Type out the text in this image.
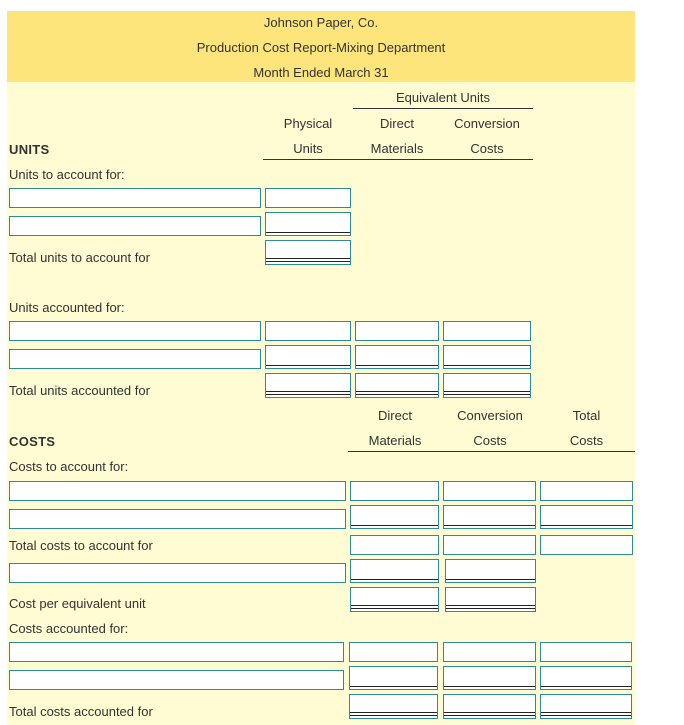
Johnson Paper, Co.
Production Cost Report-Mixing Department
Month Ended March 31
Equivalent Units
Physical
Units
Direct
Materials
Conversion
Costs
UNITS
Units to account for:
Total units to account for
Units accounted for:
Total units accounted for
Direct
Materials
Conversion
Costs
Total
Costs
COSTS
Costs to account for:
Total costs to account for
Cost per equivalent unit
Costs accounted for:
Total costs accounted for
